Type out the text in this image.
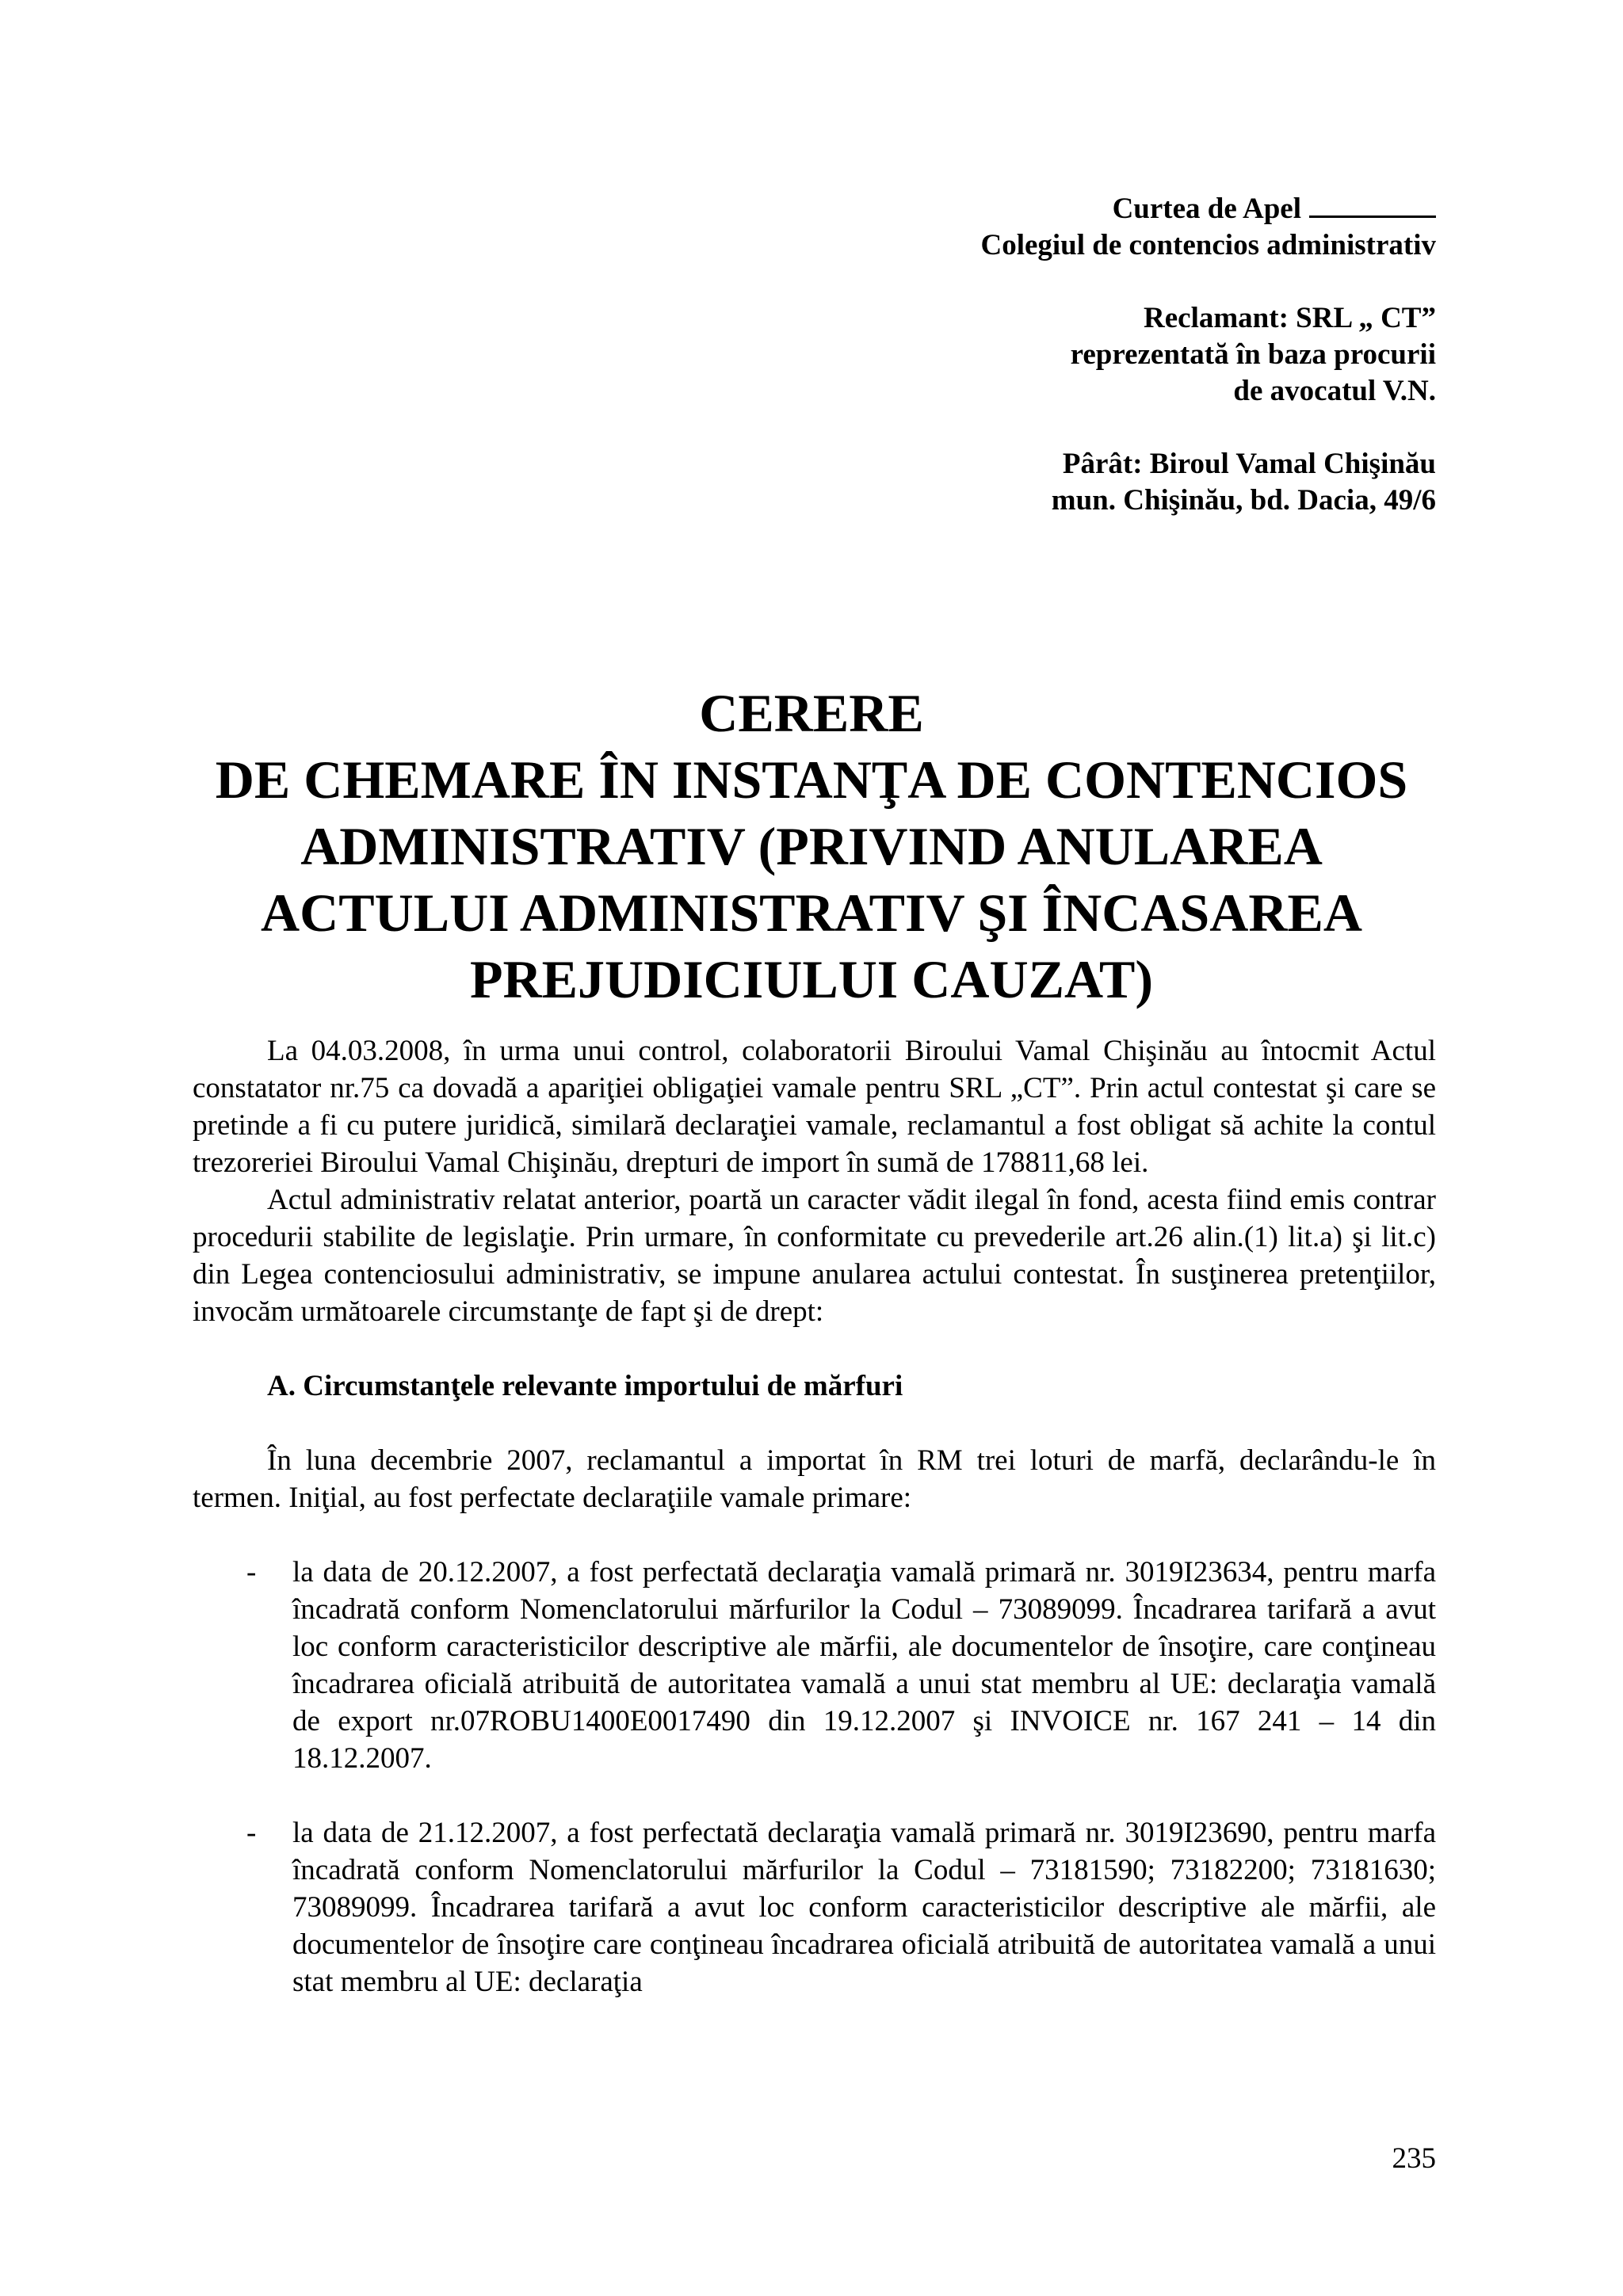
Curtea de Apel
Colegiul de contencios administrativ
Reclamant: SRL „ CT”
reprezentată în baza procurii
de avocatul V.N.
Pârât: Biroul Vamal Chişinău
mun. Chişinău, bd. Dacia, 49/6
CERERE
DE CHEMARE ÎN INSTANŢA DE CONTENCIOS
ADMINISTRATIV (PRIVIND ANULAREA
ACTULUI ADMINISTRATIV ŞI ÎNCASAREA
PREJUDICIULUI CAUZAT)

La 04.03.2008, în urma unui control, colaboratorii Biroului Vamal Chişinău au întocmit Actul constatator nr.75 ca dovadă a apariţiei obligaţiei vamale pentru SRL „CT”. Prin actul contestat şi care se pretinde a fi cu putere juridică, similară declaraţiei vamale, reclamantul a fost obligat să achite la contul trezoreriei Biroului Vamal Chişinău, drepturi de import în sumă de 178811,68 lei.

Actul administrativ relatat anterior, poartă un caracter vădit ilegal în fond, acesta fiind emis contrar procedurii stabilite de legislaţie. Prin urmare, în conformitate cu prevederile art.26 alin.(1) lit.a) şi lit.c) din Legea contenciosului administrativ, se impune anularea actului contestat. În susţinerea pretenţiilor, invocăm următoarele circumstanţe de fapt şi de drept:

A. Circumstanţele relevante importului de mărfuri

În luna decembrie 2007, reclamantul a importat în RM trei loturi de marfă, declarându-le în termen. Iniţial, au fost perfectate declaraţiile vamale primare:

- la data de 20.12.2007, a fost perfectată declaraţia vamală primară nr. 3019I23634, pentru marfa încadrată conform Nomenclatorului mărfurilor la Codul – 73089099. Încadrarea tarifară a avut loc conform caracteristicilor descriptive ale mărfii, ale documentelor de însoţire, care conţineau încadrarea oficială atribuită de autoritatea vamală a unui stat membru al UE: declaraţia vamală de export nr.07ROBU1400E0017490 din 19.12.2007 şi INVOICE nr. 167 241 – 14 din 18.12.2007.
- la data de 21.12.2007, a fost perfectată declaraţia vamală primară nr. 3019I23690, pentru marfa încadrată conform Nomenclatorului mărfurilor la Codul – 73181590; 73182200; 73181630; 73089099. Încadrarea tarifară a avut loc conform caracteristicilor descriptive ale mărfii, ale documentelor de însoţire care conţineau încadrarea oficială atribuită de autoritatea vamală a unui stat membru al UE: declaraţia
235
